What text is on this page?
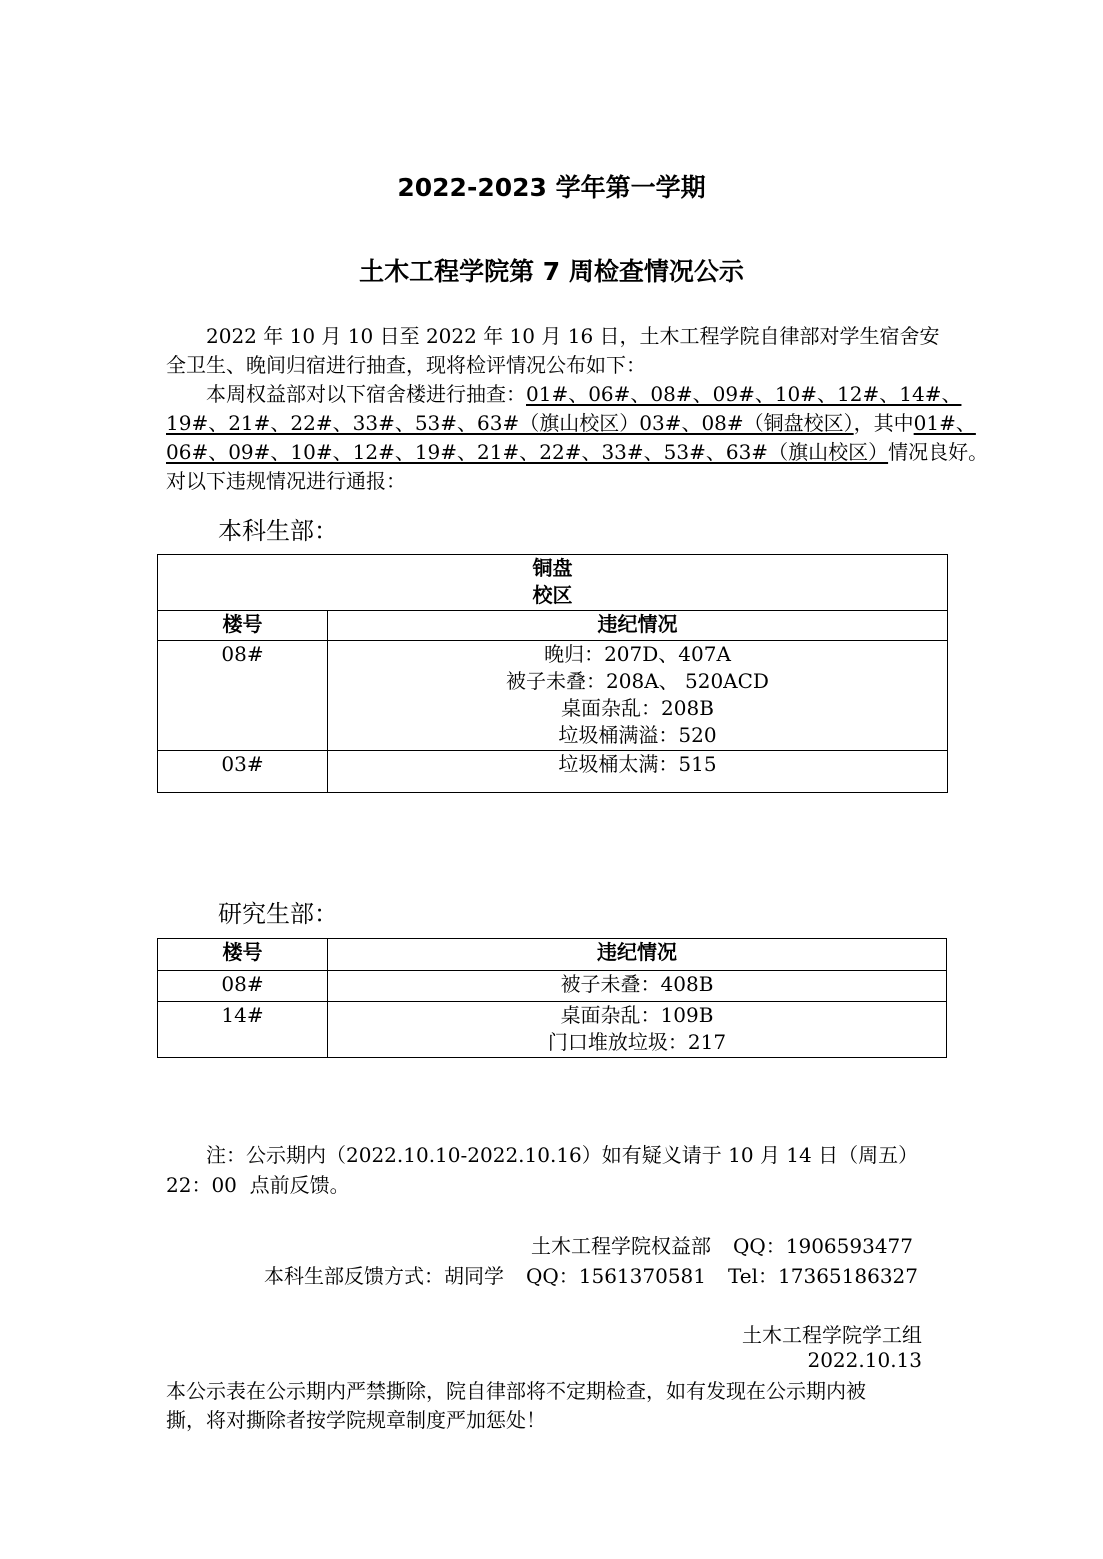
2022-2023 学年第一学期
土木工程学院第 7 周检查情况公示
2022 年 10 月 10 日至 2022 年 10 月 16 日，土木工程学院自律部对学生宿舍安
全卫生、晚间归宿进行抽查，现将检评情况公布如下：
本周权益部对以下宿舍楼进行抽查：01#、06#、08#、09#、10#、12#、14#、
19#、21#、22#、33#、53#、63#（旗山校区）03#、08#（铜盘校区），其中01#、
06#、09#、10#、12#、19#、21#、22#、33#、53#、63#（旗山校区）情况良好。
对以下违规情况进行通报：
本科生部：
铜盘
校区	

楼号	违纪情况
08#	晚归：207D、407A
被子未叠：208A、 520ACD
桌面杂乱：208B
垃圾桶满溢：520

03#	垃圾桶太满：515
研究生部：
楼号	违纪情况
08#	被子未叠：408B

14#	桌面杂乱：109B
门口堆放垃圾：217
注：公示期内（2022.10.10-2022.10.16）如有疑义请于 10 月 14 日（周五）
22：00  点前反馈。
土木工程学院权益部 QQ：1906593477
本科生部反馈方式：胡同学 QQ：1561370581 Tel：17365186327
土木工程学院学工组
2022.10.13
本公示表在公示期内严禁撕除，院自律部将不定期检查，如有发现在公示期内被
撕，将对撕除者按学院规章制度严加惩处！
